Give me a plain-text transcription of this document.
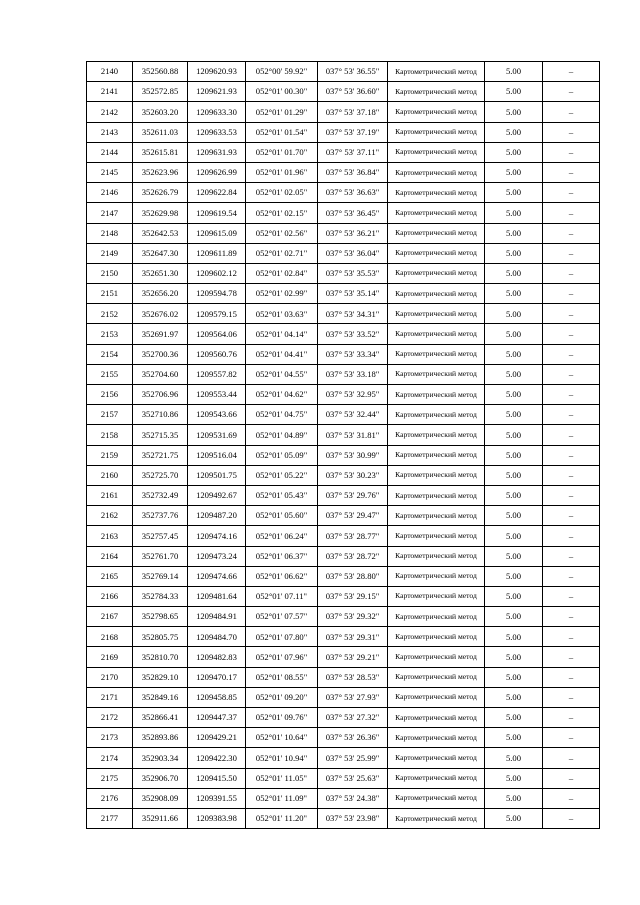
2140	352560.88	1209620.93	052°00' 59.92"	037° 53' 36.55"	Картометрический метод	5.00	–
2141	352572.85	1209621.93	052°01' 00.30"	037° 53' 36.60"	Картометрический метод	5.00	–
2142	352603.20	1209633.30	052°01' 01.29"	037° 53' 37.18"	Картометрический метод	5.00	–
2143	352611.03	1209633.53	052°01' 01.54"	037° 53' 37.19"	Картометрический метод	5.00	–
2144	352615.81	1209631.93	052°01' 01.70"	037° 53' 37.11"	Картометрический метод	5.00	–
2145	352623.96	1209626.99	052°01' 01.96"	037° 53' 36.84"	Картометрический метод	5.00	–
2146	352626.79	1209622.84	052°01' 02.05"	037° 53' 36.63"	Картометрический метод	5.00	–
2147	352629.98	1209619.54	052°01' 02.15"	037° 53' 36.45"	Картометрический метод	5.00	–
2148	352642.53	1209615.09	052°01' 02.56"	037° 53' 36.21"	Картометрический метод	5.00	–
2149	352647.30	1209611.89	052°01' 02.71"	037° 53' 36.04"	Картометрический метод	5.00	–
2150	352651.30	1209602.12	052°01' 02.84"	037° 53' 35.53"	Картометрический метод	5.00	–
2151	352656.20	1209594.78	052°01' 02.99"	037° 53' 35.14"	Картометрический метод	5.00	–
2152	352676.02	1209579.15	052°01' 03.63"	037° 53' 34.31"	Картометрический метод	5.00	–
2153	352691.97	1209564.06	052°01' 04.14"	037° 53' 33.52"	Картометрический метод	5.00	–
2154	352700.36	1209560.76	052°01' 04.41"	037° 53' 33.34"	Картометрический метод	5.00	–
2155	352704.60	1209557.82	052°01' 04.55"	037° 53' 33.18"	Картометрический метод	5.00	–
2156	352706.96	1209553.44	052°01' 04.62"	037° 53' 32.95"	Картометрический метод	5.00	–
2157	352710.86	1209543.66	052°01' 04.75"	037° 53' 32.44"	Картометрический метод	5.00	–
2158	352715.35	1209531.69	052°01' 04.89"	037° 53' 31.81"	Картометрический метод	5.00	–
2159	352721.75	1209516.04	052°01' 05.09"	037° 53' 30.99"	Картометрический метод	5.00	–
2160	352725.70	1209501.75	052°01' 05.22"	037° 53' 30.23"	Картометрический метод	5.00	–
2161	352732.49	1209492.67	052°01' 05.43"	037° 53' 29.76"	Картометрический метод	5.00	–
2162	352737.76	1209487.20	052°01' 05.60"	037° 53' 29.47"	Картометрический метод	5.00	–
2163	352757.45	1209474.16	052°01' 06.24"	037° 53' 28.77"	Картометрический метод	5.00	–
2164	352761.70	1209473.24	052°01' 06.37"	037° 53' 28.72"	Картометрический метод	5.00	–
2165	352769.14	1209474.66	052°01' 06.62"	037° 53' 28.80"	Картометрический метод	5.00	–
2166	352784.33	1209481.64	052°01' 07.11"	037° 53' 29.15"	Картометрический метод	5.00	–
2167	352798.65	1209484.91	052°01' 07.57"	037° 53' 29.32"	Картометрический метод	5.00	–
2168	352805.75	1209484.70	052°01' 07.80"	037° 53' 29.31"	Картометрический метод	5.00	–
2169	352810.70	1209482.83	052°01' 07.96"	037° 53' 29.21"	Картометрический метод	5.00	–
2170	352829.10	1209470.17	052°01' 08.55"	037° 53' 28.53"	Картометрический метод	5.00	–
2171	352849.16	1209458.85	052°01' 09.20"	037° 53' 27.93"	Картометрический метод	5.00	–
2172	352866.41	1209447.37	052°01' 09.76"	037° 53' 27.32"	Картометрический метод	5.00	–
2173	352893.86	1209429.21	052°01' 10.64"	037° 53' 26.36"	Картометрический метод	5.00	–
2174	352903.34	1209422.30	052°01' 10.94"	037° 53' 25.99"	Картометрический метод	5.00	–
2175	352906.70	1209415.50	052°01' 11.05"	037° 53' 25.63"	Картометрический метод	5.00	–
2176	352908.09	1209391.55	052°01' 11.09"	037° 53' 24.38"	Картометрический метод	5.00	–
2177	352911.66	1209383.98	052°01' 11.20"	037° 53' 23.98"	Картометрический метод	5.00	–
